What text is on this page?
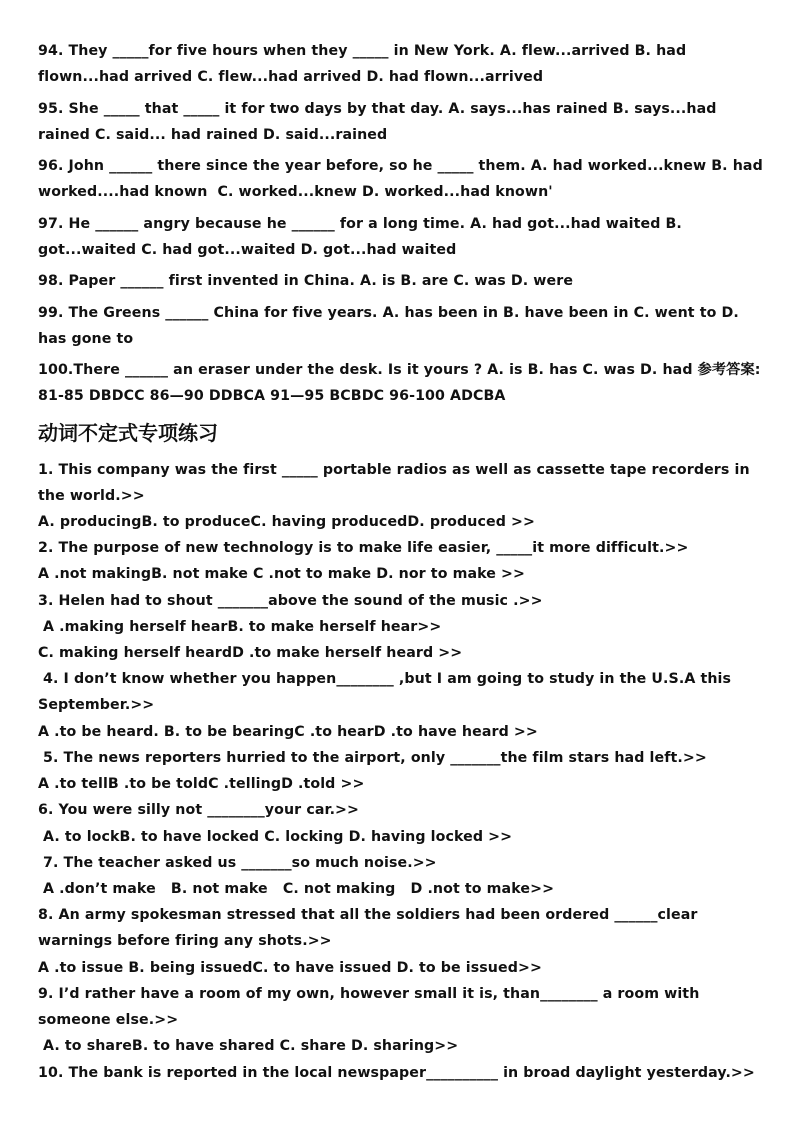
94. They _____for five hours when they _____ in New York. A. flew...arrived B. had flown...had arrived C. flew...had arrived D. had flown...arrived
95. She _____ that _____ it for two days by that day. A. says...has rained B. says...had rained C. said... had rained D. said...rained
96. John ______ there since the year before, so he _____ them. A. had worked...knew B. had worked....had known  C. worked...knew D. worked...had known'
97. He ______ angry because he ______ for a long time. A. had got...had waited B. got...waited C. had got...waited D. got...had waited
98. Paper ______ first invented in China. A. is B. are C. was D. were
99. The Greens ______ China for five years. A. has been in B. have been in C. went to D. has gone to
100.There ______ an eraser under the desk. Is it yours ? A. is B. has C. was D. had 参考答案: 81-85 DBDCC 86—90 DDBCA 91—95 BCBDC 96-100 ADCBA
动词不定式专项练习
1. This company was the first _____ portable radios as well as cassette tape recorders in the world.>>
A. producingB. to produceC. having producedD. produced >>
2. The purpose of new technology is to make life easier, _____it more difficult.>>
A .not makingB. not make C .not to make D. nor to make >>
3. Helen had to shout _______above the sound of the music .>>
A .making herself hearB. to make herself hear>>
C. making herself heardD .to make herself heard >>
4. I don’t know whether you happen________ ,but I am going to study in the U.S.A this September.>>
A .to be heard. B. to be bearingC .to hearD .to have heard >>
5. The news reporters hurried to the airport, only _______the film stars had left.>>
A .to tellB .to be toldC .tellingD .told >>
6. You were silly not ________your car.>>
A. to lockB. to have locked C. locking D. having locked >>
7. The teacher asked us _______so much noise.>>
A .don’t make   B. not make   C. not making   D .not to make>>
8. An army spokesman stressed that all the soldiers had been ordered ______clear warnings before firing any shots.>>
A .to issue B. being issuedC. to have issued D. to be issued>>
9. I’d rather have a room of my own, however small it is, than________ a room with someone else.>>
A. to shareB. to have shared C. share D. sharing>>
10. The bank is reported in the local newspaper__________ in broad daylight yesterday.>>
